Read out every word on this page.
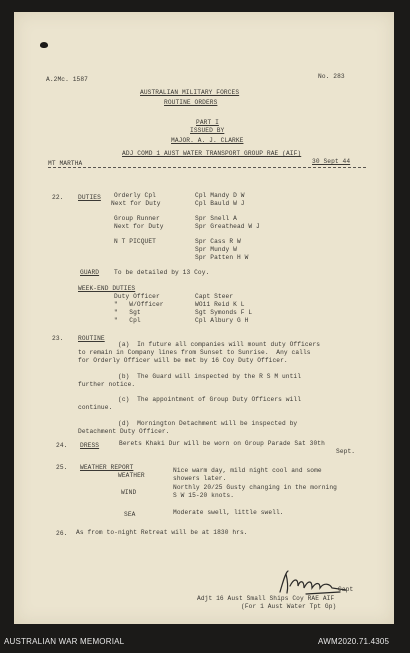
A.2Mc. 1587	No. 283
AUSTRALIAN MILITARY FORCES
ROUTINE ORDERS
PART I
ISSUED BY
MAJOR. A. J. CLARKE
ADJ COMD 1 AUST WATER TRANSPORT GROUP RAE (AIF)
30 Sept 44
MT MARTHA
22. DUTIES Orderly Cpl	Cpl Mandy D W
Next for Duty	Cpl Bauld W J
Group Runner	Spr Snell A
Next for Duty	Spr Greathead W J
N T PICQUET	Spr Cass R W
Spr Mundy W
Spr Patten H W
GUARD To be detailed by 13 Coy.
WEEK-END DUTIES
Duty Officer	Capt Steer
"   W/Officer	WO11 Reid K L
"   Sgt	Sgt Symonds F L
"   Cpl	Cpl Albury G H
23. ROUTINE
(a)  In future all companies will mount duty Officers
to remain in Company lines from Sunset to Sunrise.  Any calls
for Orderly Officer will be met by 16 Coy Duty Officer.
(b)  The Guard will inspected by the R S M until
further notice.
(c)  The appointment of Group Duty Officers will
continue.
(d)  Mornington Detachment will be inspected by
Detachment Duty Officer.
24. DRESS	Berets Khaki Dur will be worn on Group Parade Sat 30th
Sept.
25. WEATHER REPORT
WEATHER
Nice warm day, mild night cool and some
showers later.
WIND
Northly 20/25 Gusty changing in the morning
S W 15-20 knots.
SEA	Moderate swell, little swell.
26. As from to-night Retreat will be at 1830 hrs.
Capt
Adjt 16 Aust Small Ships Coy RAE AIF
(For 1 Aust Water Tpt Gp)
AUSTRALIAN WAR MEMORIAL	AWM2020.71.4305
